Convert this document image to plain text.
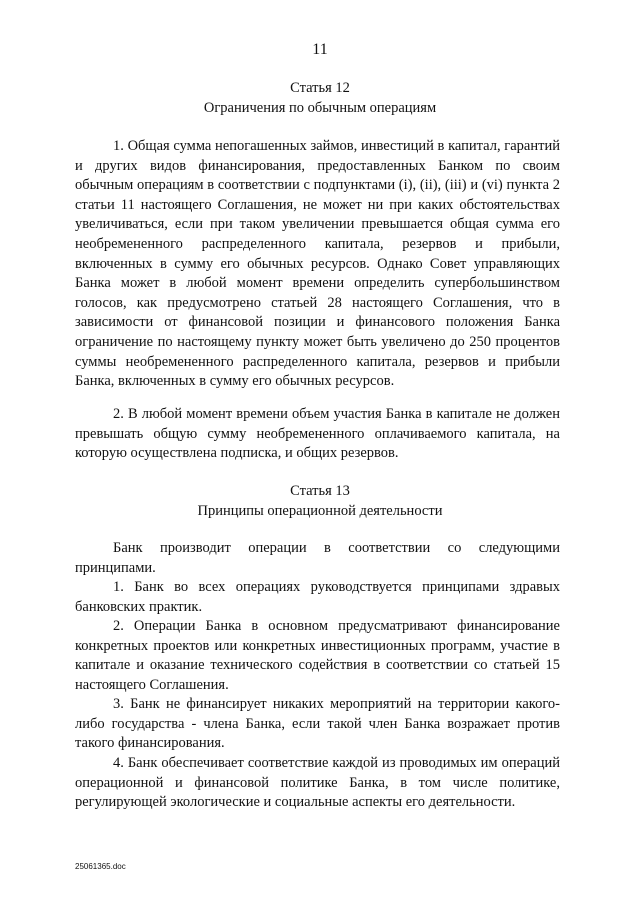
11
Статья 12
Ограничения по обычным операциям
1. Общая сумма непогашенных займов, инвестиций в капитал, гарантий и других видов финансирования, предоставленных Банком по своим обычным операциям в соответствии с подпунктами (i), (ii), (iii) и (vi) пункта 2 статьи 11 настоящего Соглашения, не может ни при каких обстоятельствах увеличиваться, если при таком увеличении превышается общая сумма его необремененного распределенного капитала, резервов и прибыли, включенных в сумму его обычных ресурсов. Однако Совет управляющих Банка может в любой момент времени определить супербольшинством голосов, как предусмотрено статьей 28 настоящего Соглашения, что в зависимости от финансовой позиции и финансового положения Банка ограничение по настоящему пункту может быть увеличено до 250 процентов суммы необремененного распределенного капитала, резервов и прибыли Банка, включенных в сумму его обычных ресурсов.
2. В любой момент времени объем участия Банка в капитале не должен превышать общую сумму необремененного оплачиваемого капитала, на которую осуществлена подписка, и общих резервов.
Статья 13
Принципы операционной деятельности
Банк производит операции в соответствии со следующими принципами.
1. Банк во всех операциях руководствуется принципами здравых банковских практик.
2. Операции Банка в основном предусматривают финансирование конкретных проектов или конкретных инвестиционных программ, участие в капитале и оказание технического содействия в соответствии со статьей 15 настоящего Соглашения.
3. Банк не финансирует никаких мероприятий на территории какого-либо государства - члена Банка, если такой член Банка возражает против такого финансирования.
4. Банк обеспечивает соответствие каждой из проводимых им операций операционной и финансовой политике Банка, в том числе политике, регулирующей экологические и социальные аспекты его деятельности.
25061365.doc
